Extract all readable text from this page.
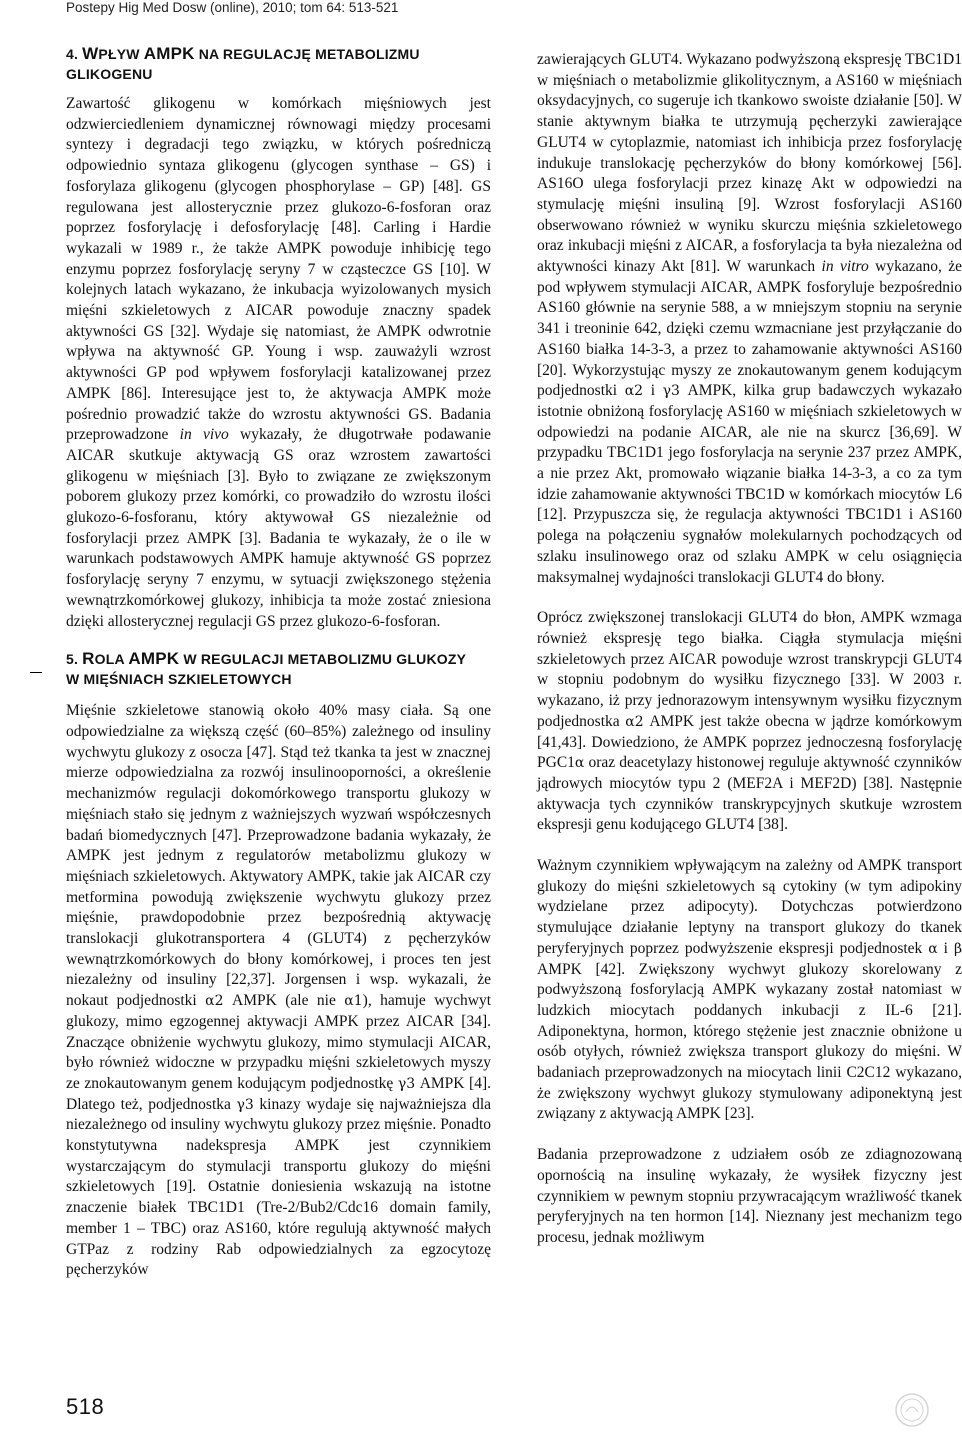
Postepy Hig Med Dosw (online), 2010; tom 64: 513-521
4. WPŁYW AMPK NA REGULACJĘ METABOLIZMU GLIKOGENU

Zawartość glikogenu w komórkach mięśniowych jest odzwierciedleniem dynamicznej równowagi między procesami syntezy i degradacji tego związku, w których pośredniczą odpowiednio syntaza glikogenu (glycogen synthase – GS) i fosforylaza glikogenu (glycogen phosphorylase – GP) [48]. GS regulowana jest allosterycznie przez glukozo-6-fosforan oraz poprzez fosforylację i defosforylację [48]. Carling i Hardie wykazali w 1989 r., że także AMPK powoduje inhibicję tego enzymu poprzez fosforylację seryny 7 w cząsteczce GS [10]. W kolejnych latach wykazano, że inkubacja wyizolowanych mysich mięśni szkieletowych z AICAR powoduje znaczny spadek aktywności GS [32]. Wydaje się natomiast, że AMPK odwrotnie wpływa na aktywność GP. Young i wsp. zauważyli wzrost aktywności GP pod wpływem fosforylacji katalizowanej przez AMPK [86]. Interesujące jest to, że aktywacja AMPK może pośrednio prowadzić także do wzrostu aktywności GS. Badania przeprowadzone in vivo wykazały, że długotrwałe podawanie AICAR skutkuje aktywacją GS oraz wzrostem zawartości glikogenu w mięśniach [3]. Było to związane ze zwiększonym poborem glukozy przez komórki, co prowadziło do wzrostu ilości glukozo-6-fosforanu, który aktywował GS niezależnie od fosforylacji przez AMPK [3]. Badania te wykazały, że o ile w warunkach podstawowych AMPK hamuje aktywność GS poprzez fosforylację seryny 7 enzymu, w sytuacji zwiększonego stężenia wewnątrzkomórkowej glukozy, inhibicja ta może zostać zniesiona dzięki allosterycznej regulacji GS przez glukozo-6-fosforan.

5. ROLA AMPK W REGULACJI METABOLIZMU GLUKOZY
W MIĘŚNIACH SZKIELETOWYCH

Mięśnie szkieletowe stanowią około 40% masy ciała. Są one odpowiedzialne za większą część (60–85%) zależnego od insuliny wychwytu glukozy z osocza [47]. Stąd też tkanka ta jest w znacznej mierze odpowiedzialna za rozwój insulinooporności, a określenie mechanizmów regulacji dokomórkowego transportu glukozy w mięśniach stało się jednym z ważniejszych wyzwań współczesnych badań biomedycznych [47]. Przeprowadzone badania wykazały, że AMPK jest jednym z regulatorów metabolizmu glukozy w mięśniach szkieletowych. Aktywatory AMPK, takie jak AICAR czy metformina powodują zwiększenie wychwytu glukozy przez mięśnie, prawdopodobnie przez bezpośrednią aktywację translokacji glukotransportera 4 (GLUT4) z pęcherzyków wewnątrzkomórkowych do błony komórkowej, i proces ten jest niezależny od insuliny [22,37]. Jorgensen i wsp. wykazali, że nokaut podjednostki α2 AMPK (ale nie α1), hamuje wychwyt glukozy, mimo egzogennej aktywacji AMPK przez AICAR [34]. Znaczące obniżenie wychwytu glukozy, mimo stymulacji AICAR, było również widoczne w przypadku mięśni szkieletowych myszy ze znokautowanym genem kodującym podjednostkę γ3 AMPK [4]. Dlatego też, podjednostka γ3 kinazy wydaje się najważniejsza dla niezależnego od insuliny wychwytu glukozy przez mięśnie. Ponadto konstytutywna nadekspresja AMPK jest czynnikiem wystarczającym do stymulacji transportu glukozy do mięśni szkieletowych [19]. Ostatnie doniesienia wskazują na istotne znaczenie białek TBC1D1 (Tre-2/Bub2/Cdc16 domain family, member 1 – TBC) oraz AS160, które regulują aktywność małych GTPaz z rodziny Rab odpowiedzialnych za egzocytozę pęcherzyków

zawierających GLUT4. Wykazano podwyższoną ekspresję TBC1D1 w mięśniach o metabolizmie glikolitycznym, a AS160 w mięśniach oksydacyjnych, co sugeruje ich tkankowo swoiste działanie [50]. W stanie aktywnym białka te utrzymują pęcherzyki zawierające GLUT4 w cytoplazmie, natomiast ich inhibicja przez fosforylację indukuje translokację pęcherzyków do błony komórkowej [56]. AS16O ulega fosforylacji przez kinazę Akt w odpowiedzi na stymulację mięśni insuliną [9]. Wzrost fosforylacji AS160 obserwowano również w wyniku skurczu mięśnia szkieletowego oraz inkubacji mięśni z AICAR, a fosforylacja ta była niezależna od aktywności kinazy Akt [81]. W warunkach in vitro wykazano, że pod wpływem stymulacji AICAR, AMPK fosforyluje bezpośrednio AS160 głównie na serynie 588, a w mniejszym stopniu na serynie 341 i treoninie 642, dzięki czemu wzmacniane jest przyłączanie do AS160 białka 14-3-3, a przez to zahamowanie aktywności AS160 [20]. Wykorzystując myszy ze znokautowanym genem kodującym podjednostki α2 i γ3 AMPK, kilka grup badawczych wykazało istotnie obniżoną fosforylację AS160 w mięśniach szkieletowych w odpowiedzi na podanie AICAR, ale nie na skurcz [36,69]. W przypadku TBC1D1 jego fosforylacja na serynie 237 przez AMPK, a nie przez Akt, promowało wiązanie białka 14-3-3, a co za tym idzie zahamowanie aktywności TBC1D w komórkach miocytów L6 [12]. Przypuszcza się, że regulacja aktywności TBC1D1 i AS160 polega na połączeniu sygnałów molekularnych pochodzących od szlaku insulinowego oraz od szlaku AMPK w celu osiągnięcia maksymalnej wydajności translokacji GLUT4 do błony.

Oprócz zwiększonej translokacji GLUT4 do błon, AMPK wzmaga również ekspresję tego białka. Ciągła stymulacja mięśni szkieletowych przez AICAR powoduje wzrost transkrypcji GLUT4 w stopniu podobnym do wysiłku fizycznego [33]. W 2003 r. wykazano, iż przy jednorazowym intensywnym wysiłku fizycznym podjednostka α2 AMPK jest także obecna w jądrze komórkowym [41,43]. Dowiedziono, że AMPK poprzez jednoczesną fosforylację PGC1α oraz deacetylazy histonowej reguluje aktywność czynników jądrowych miocytów typu 2 (MEF2A i MEF2D) [38]. Następnie aktywacja tych czynników transkrypcyjnych skutkuje wzrostem ekspresji genu kodującego GLUT4 [38].

Ważnym czynnikiem wpływającym na zależny od AMPK transport glukozy do mięśni szkieletowych są cytokiny (w tym adipokiny wydzielane przez adipocyty). Dotychczas potwierdzono stymulujące działanie leptyny na transport glukozy do tkanek peryferyjnych poprzez podwyższenie ekspresji podjednostek α i β AMPK [42]. Zwiększony wychwyt glukozy skorelowany z podwyższoną fosforylacją AMPK wykazany został natomiast w ludzkich miocytach poddanych inkubacji z IL-6 [21]. Adiponektyna, hormon, którego stężenie jest znacznie obniżone u osób otyłych, również zwiększa transport glukozy do mięśni. W badaniach przeprowadzonych na miocytach linii C2C12 wykazano, że zwiększony wychwyt glukozy stymulowany adiponektyną jest związany z aktywacją AMPK [23].

Badania przeprowadzone z udziałem osób ze zdiagnozowaną opornością na insulinę wykazały, że wysiłek fizyczny jest czynnikiem w pewnym stopniu przywracającym wrażliwość tkanek peryferyjnych na ten hormon [14]. Nieznany jest mechanizm tego procesu, jednak możliwym

518
